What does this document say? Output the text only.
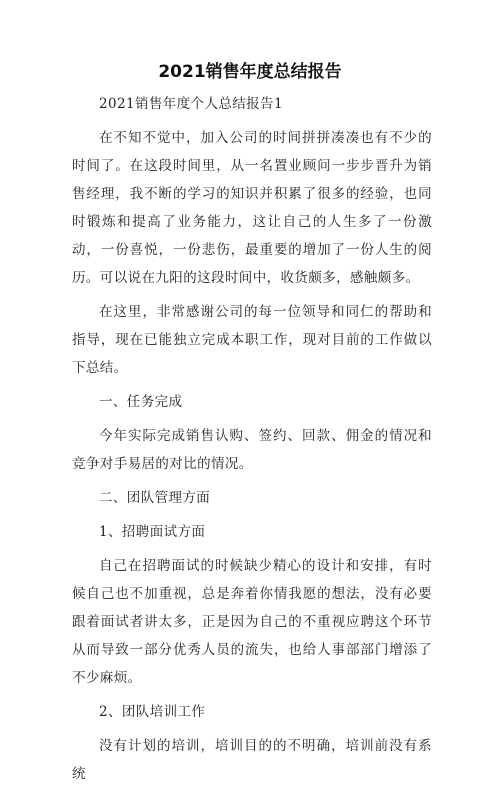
2021销售年度总结报告

2021销售年度个人总结报告1

在不知不觉中，加入公司的时间拼拼凑凑也有不少的时间了。在这段时间里，从一名置业顾问一步步晋升为销售经理，我不断的学习的知识并积累了很多的经验，也同时锻炼和提高了业务能力，这让自己的人生多了一份激动，一份喜悦，一份悲伤，最重要的增加了一份人生的阅历。可以说在九阳的这段时间中，收货颇多，感触颇多。

在这里，非常感谢公司的每一位领导和同仁的帮助和指导，现在已能独立完成本职工作，现对目前的工作做以下总结。

一、任务完成

今年实际完成销售认购、签约、回款、佣金的情况和竞争对手易居的对比的情况。

二、团队管理方面

1、招聘面试方面

自己在招聘面试的时候缺少精心的设计和安排，有时候自己也不加重视，总是奔着你情我愿的想法，没有必要跟着面试者讲太多，正是因为自己的不重视应聘这个环节从而导致一部分优秀人员的流失，也给人事部部门增添了不少麻烦。

2、团队培训工作

没有计划的培训，培训目的的不明确，培训前没有系统
